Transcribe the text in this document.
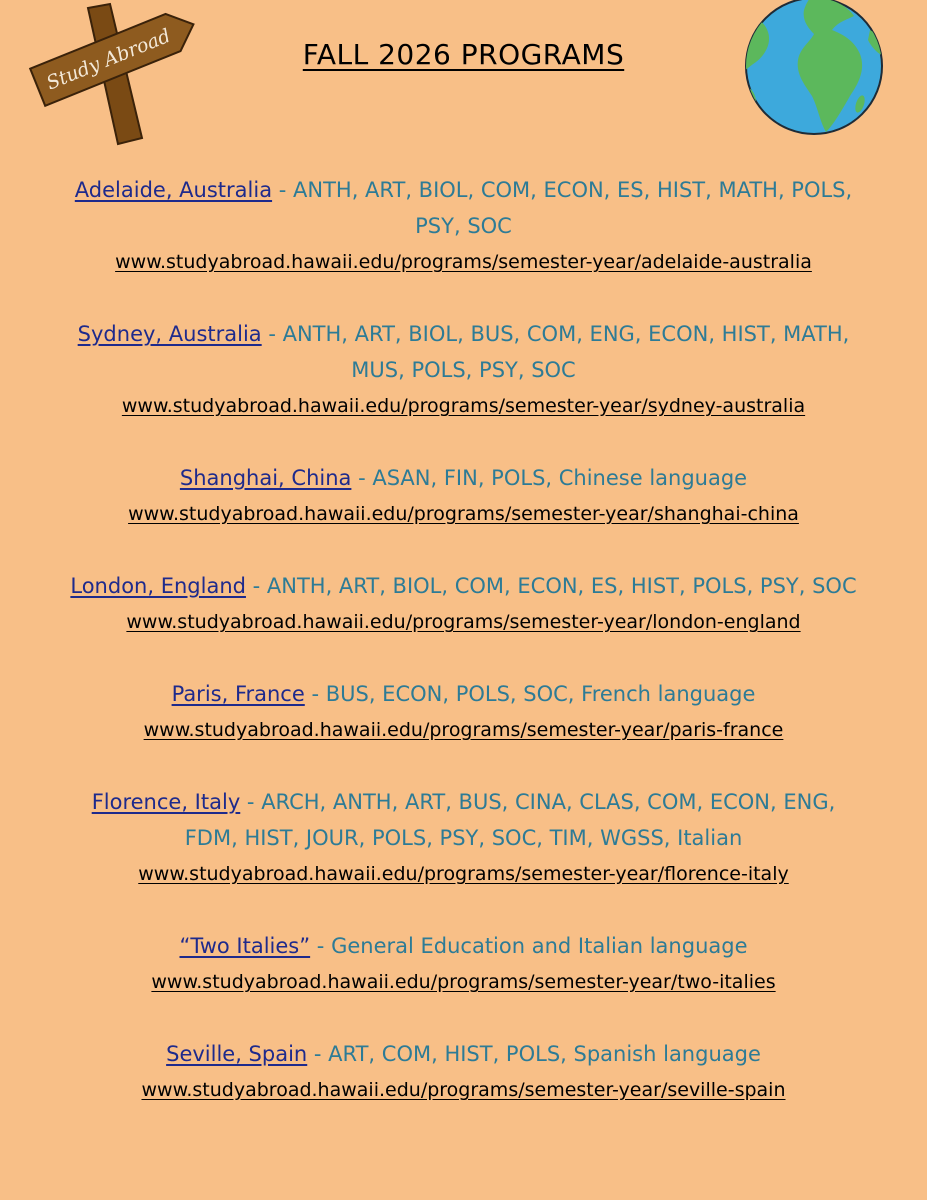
Study Abroad	FALL 2026 PROGRAMS
Adelaide, Australia - ANTH, ART, BIOL, COM, ECON, ES, HIST, MATH, POLS,
PSY, SOC
www.studyabroad.hawaii.edu/programs/semester-year/adelaide-australia
Sydney, Australia - ANTH, ART, BIOL, BUS, COM, ENG, ECON, HIST, MATH,
MUS, POLS, PSY, SOC
www.studyabroad.hawaii.edu/programs/semester-year/sydney-australia
Shanghai, China - ASAN, FIN, POLS, Chinese language
www.studyabroad.hawaii.edu/programs/semester-year/shanghai-china
London, England - ANTH, ART, BIOL, COM, ECON, ES, HIST, POLS, PSY, SOC
www.studyabroad.hawaii.edu/programs/semester-year/london-england
Paris, France - BUS, ECON, POLS, SOC, French language
www.studyabroad.hawaii.edu/programs/semester-year/paris-france
Florence, Italy - ARCH, ANTH, ART, BUS, CINA, CLAS, COM, ECON, ENG,
FDM, HIST, JOUR, POLS, PSY, SOC, TIM, WGSS, Italian
www.studyabroad.hawaii.edu/programs/semester-year/florence-italy
“Two Italies” - General Education and Italian language
www.studyabroad.hawaii.edu/programs/semester-year/two-italies
Seville, Spain - ART, COM, HIST, POLS, Spanish language
www.studyabroad.hawaii.edu/programs/semester-year/seville-spain
